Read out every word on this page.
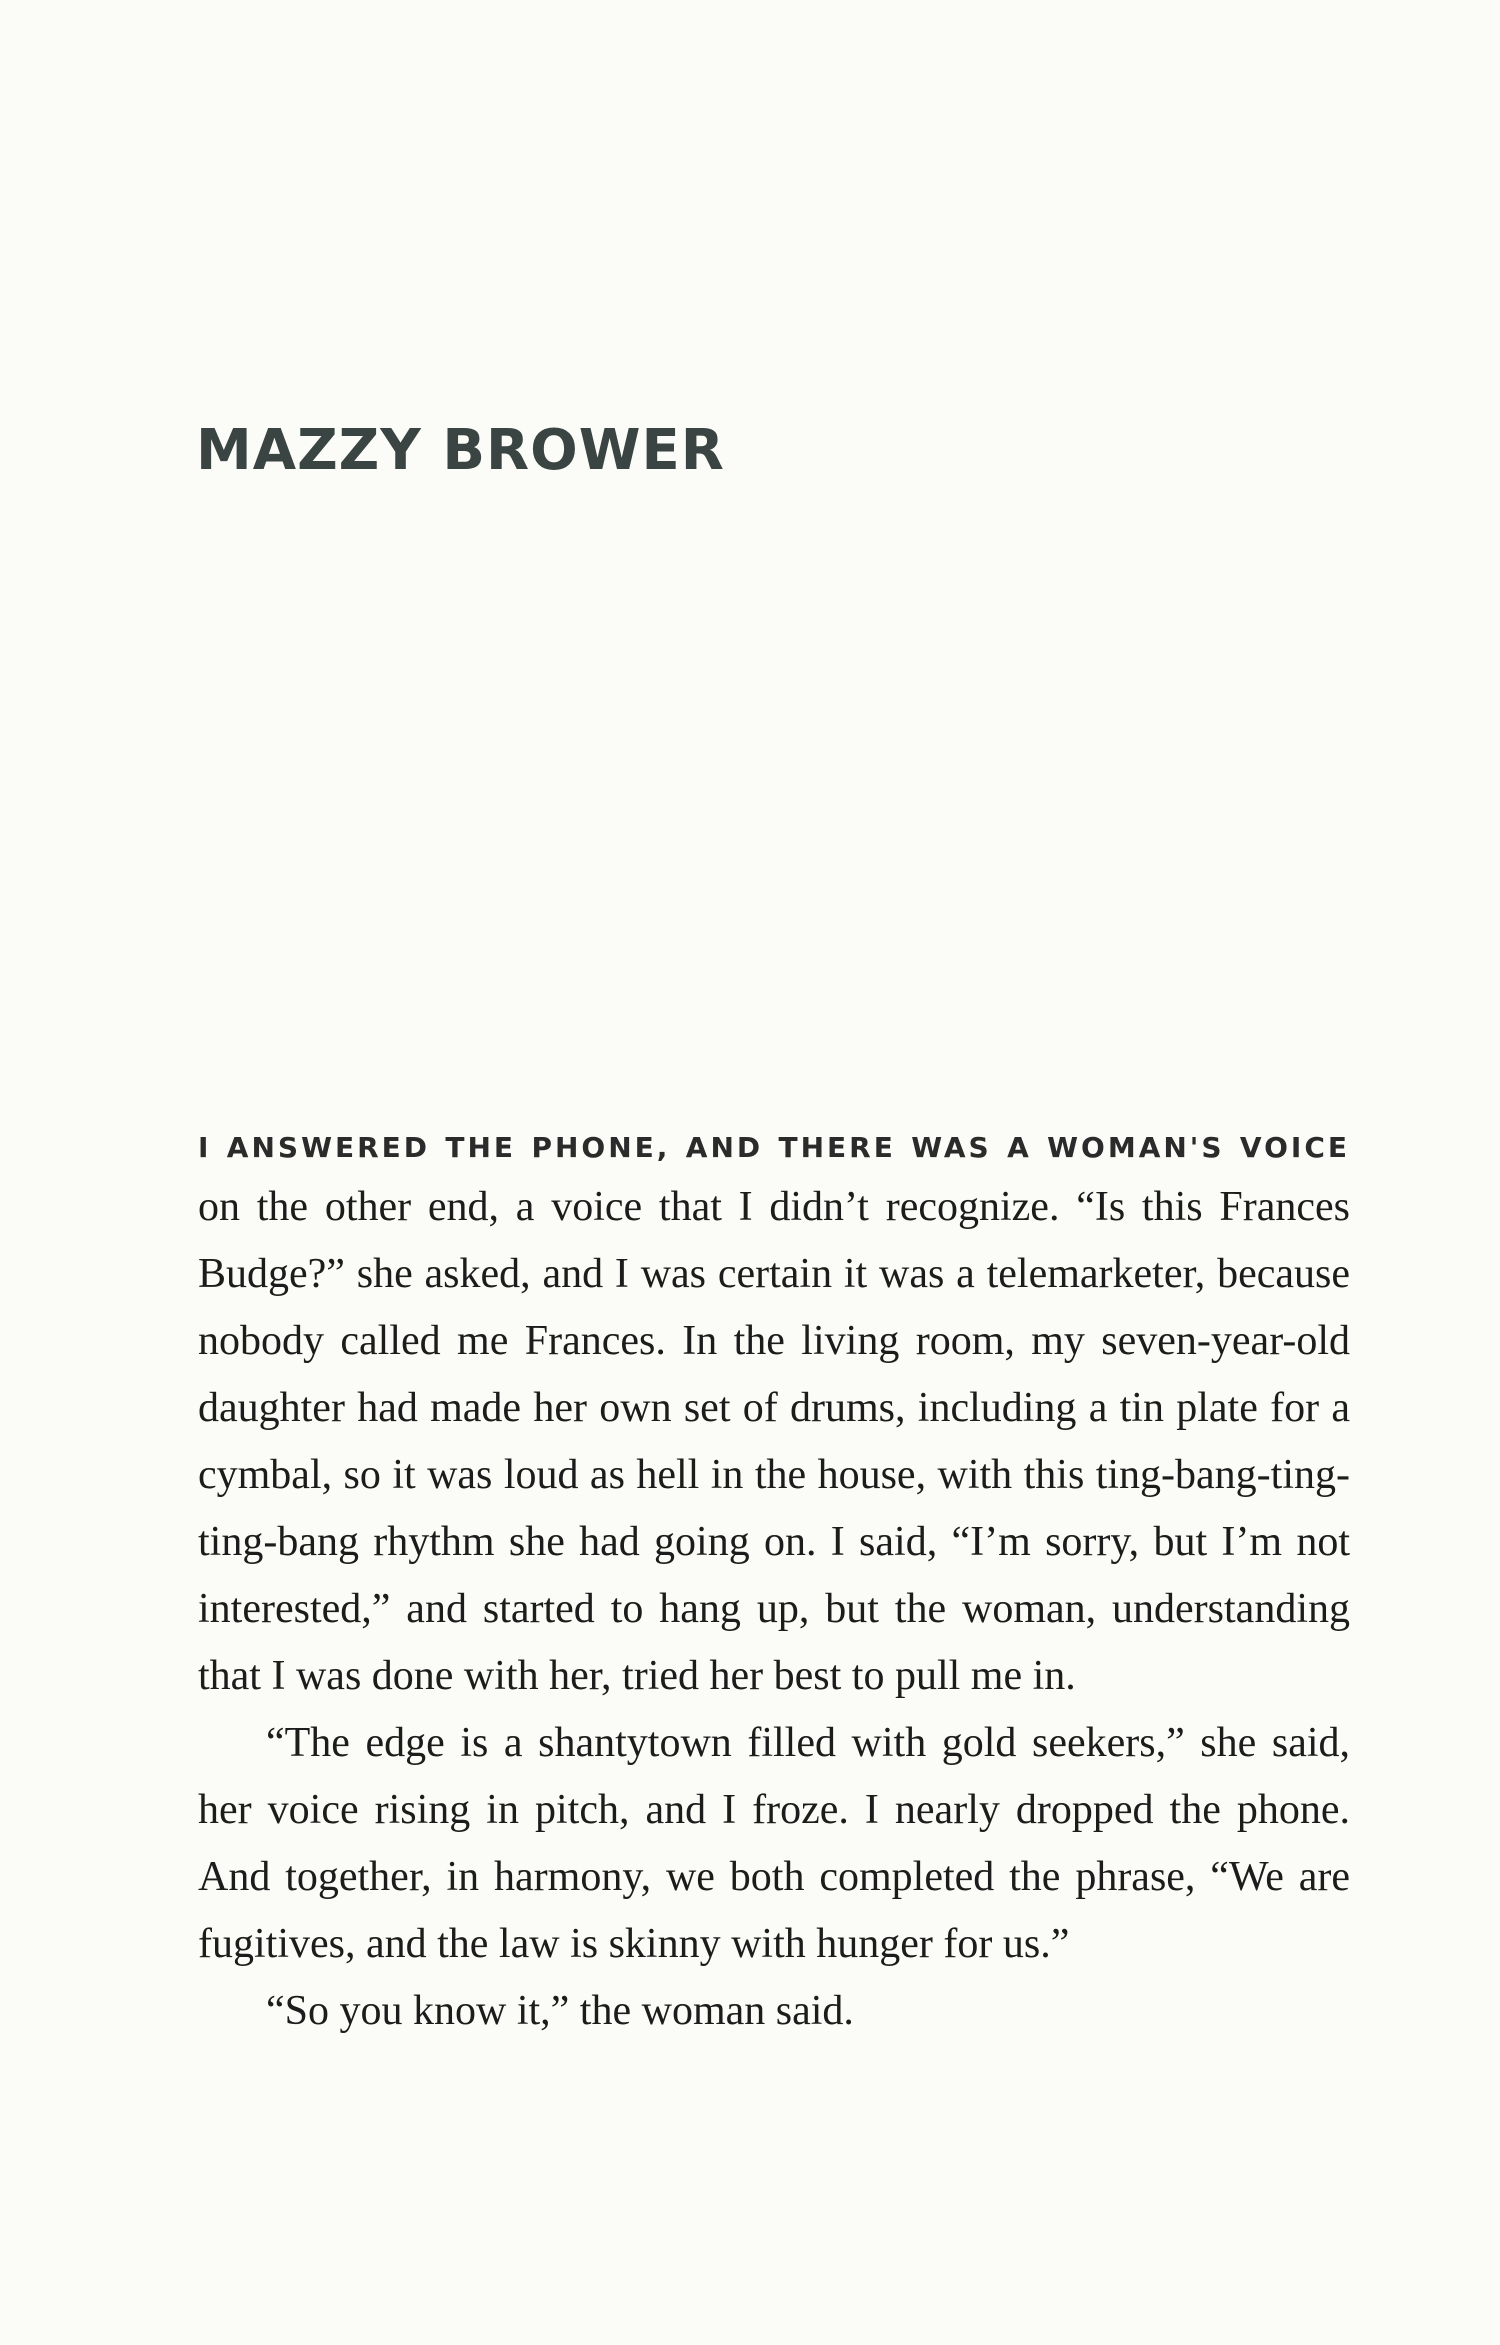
MAZZY BROWER
I ANSWERED THE PHONE, AND THERE WAS A WOMAN'S VOICE

on the other end, a voice that I didn’t recognize. “Is this Frances Budge?” she asked, and I was certain it was a telemarketer, because nobody called me Frances. In the living room, my seven-year-old daughter had made her own set of drums, including a tin plate for a cymbal, so it was loud as hell in the house, with this ting-bang-ting-ting-bang rhythm she had going on. I said, “I’m sorry, but I’m not interested,” and started to hang up, but the woman, understanding that I was done with her, tried her best to pull me in.

“The edge is a shantytown filled with gold seekers,” she said, her voice rising in pitch, and I froze. I nearly dropped the phone. And together, in harmony, we both completed the phrase, “We are fugitives, and the law is skinny with hunger for us.”

“So you know it,” the woman said.
